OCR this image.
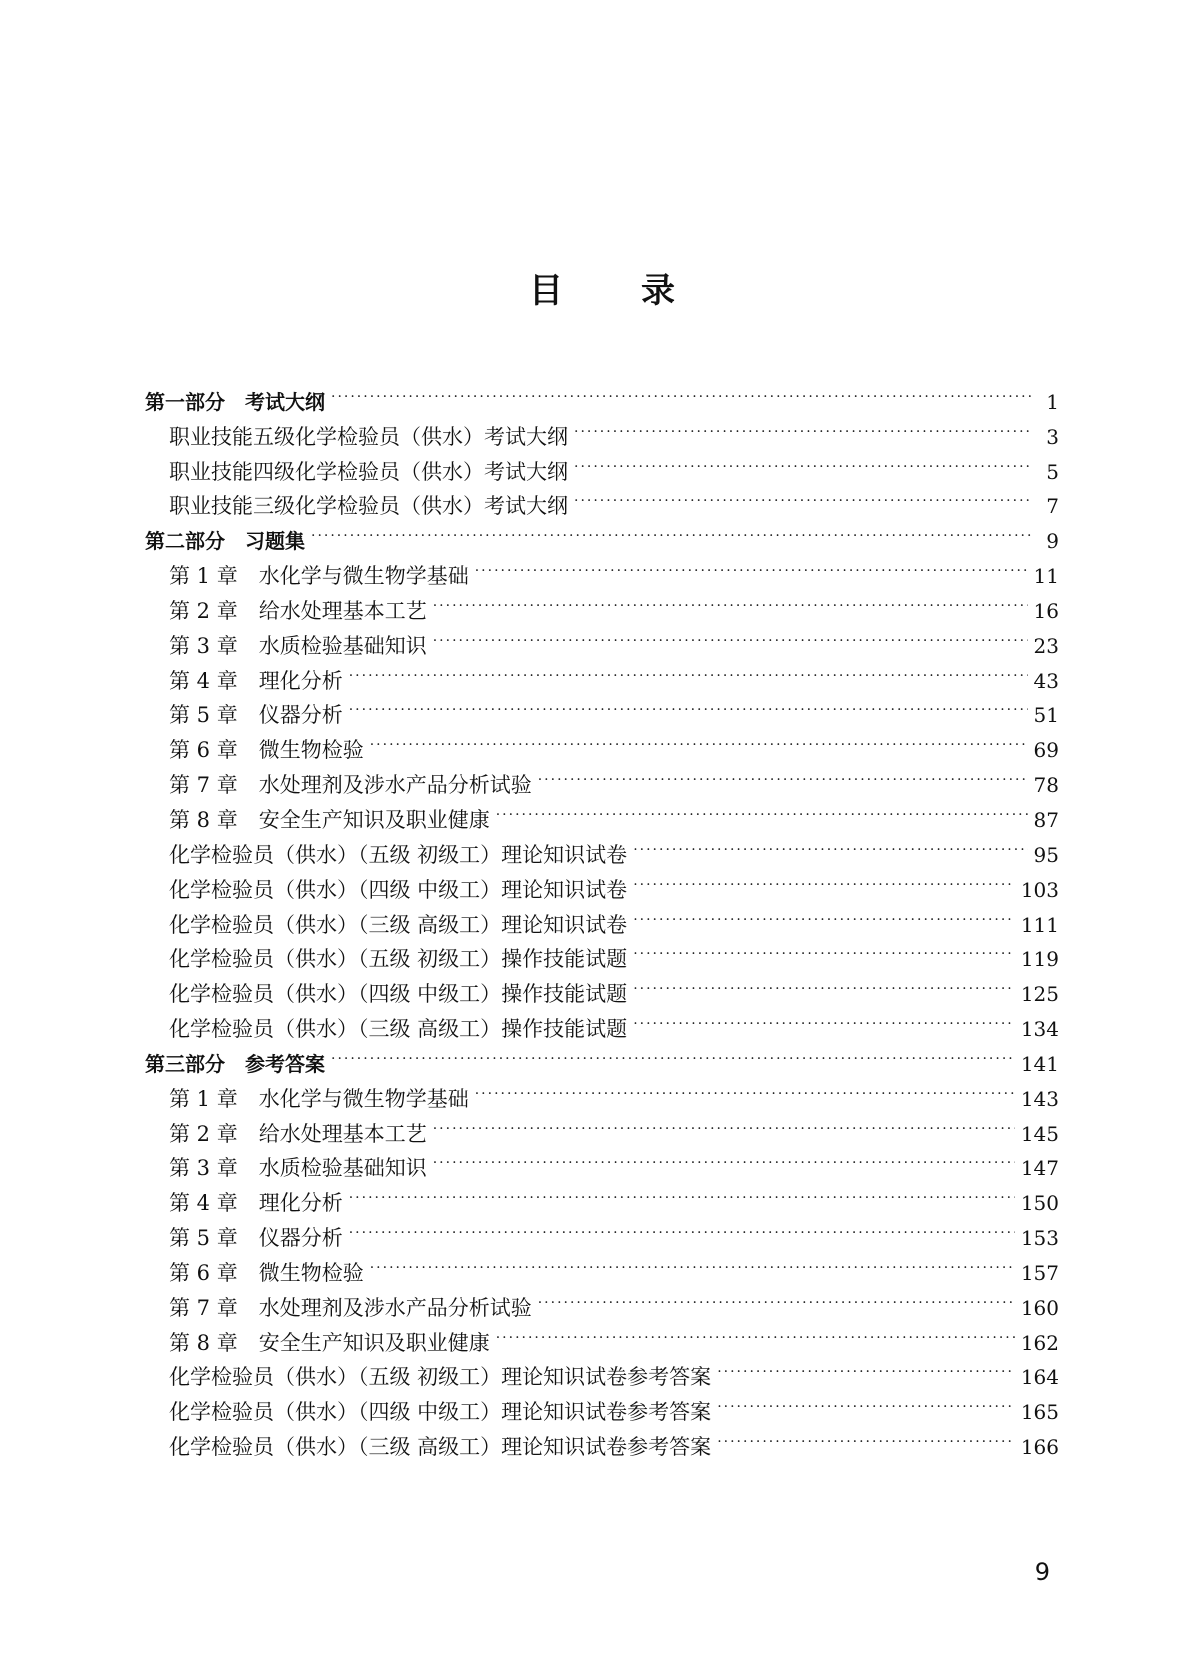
目录
第一部分　考试大纲 ·····	1
职业技能五级化学检验员（供水）考试大纲 ·····	3
职业技能四级化学检验员（供水）考试大纲 ·····	5
职业技能三级化学检验员（供水）考试大纲 ·····	7
第二部分　习题集 ·····	9
第 1 章　水化学与微生物学基础 ·····	11
第 2 章　给水处理基本工艺 ·····	16
第 3 章　水质检验基础知识 ·····	23
第 4 章　理化分析 ·····	43
第 5 章　仪器分析 ·····	51
第 6 章　微生物检验 ·····	69
第 7 章　水处理剂及涉水产品分析试验 ·····	78
第 8 章　安全生产知识及职业健康 ·····	87
化学检验员（供水）（五级 初级工）理论知识试卷 ·····	95
化学检验员（供水）（四级 中级工）理论知识试卷 ·····	103
化学检验员（供水）（三级 高级工）理论知识试卷 ·····	111
化学检验员（供水）（五级 初级工）操作技能试题 ·····	119
化学检验员（供水）（四级 中级工）操作技能试题 ·····	125
化学检验员（供水）（三级 高级工）操作技能试题 ·····	134
第三部分　参考答案 ·····	141
第 1 章　水化学与微生物学基础 ·····	143
第 2 章　给水处理基本工艺 ·····	145
第 3 章　水质检验基础知识 ·····	147
第 4 章　理化分析 ·····	150
第 5 章　仪器分析 ·····	153
第 6 章　微生物检验 ·····	157
第 7 章　水处理剂及涉水产品分析试验 ·····	160
第 8 章　安全生产知识及职业健康 ·····	162
化学检验员（供水）（五级 初级工）理论知识试卷参考答案 ·····	164
化学检验员（供水）（四级 中级工）理论知识试卷参考答案 ·····	165
化学检验员（供水）（三级 高级工）理论知识试卷参考答案 ·····	166
9
